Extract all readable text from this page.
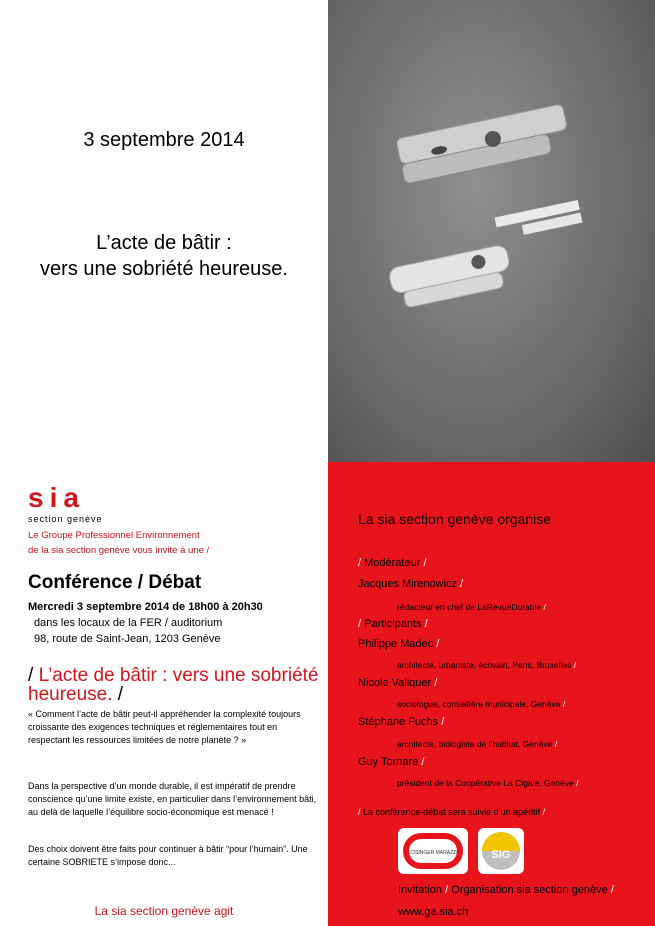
3 septembre 2014
L’acte de bâtir :
vers une sobriété heureuse.
sia
section genève
Le Groupe Professionnel Environnement
de la sia section genève vous invite à une /
Conférence / Débat
Mercredi 3 septembre 2014 de 18h00 à 20h30
dans les locaux de la FER / auditorium
98, route de Saint-Jean, 1203 Genève
/ L’acte de bâtir : vers une sobriété heureuse. /
« Comment l’acte de bâtir peut-il appréhender la complexité toujours croissante des exigences techniques et réglementaires tout en respectant les ressources limitées de notre planète ? »
Dans la perspective d’un monde durable, il est impératif de prendre conscience qu’une limite existe, en particulier dans l’environnement bâti, au delà de laquelle l’équilibre socio-économique est menacé !
Des choix doivent être faits pour continuer à bâtir “pour l’humain”. Une certaine SOBRIETE s’impose donc...
La sia section genève agit
La sia section genève organise
/ Modérateur /
Jacques Mirenowicz /
rédacteur en chef de LaRevueDurable /
/ Participants /
Philippe Madec /
architecte, urbaniste, écrivain, Paris, Bruxelles /
Nicole Valiquer /
sociologue, conseillère municipale, Genève /
Stéphane Fuchs /
architecte, biologiste de l’habitat, Genève /
Guy Tornare /
président de la Coopérative La Cigale, Genève /
/ La conférence-débat sera suivie d’un apéritif /
LOSINGER MARAZZI	SIG
Invitation / Organisation sia section genève /
www.ge.sia.ch
